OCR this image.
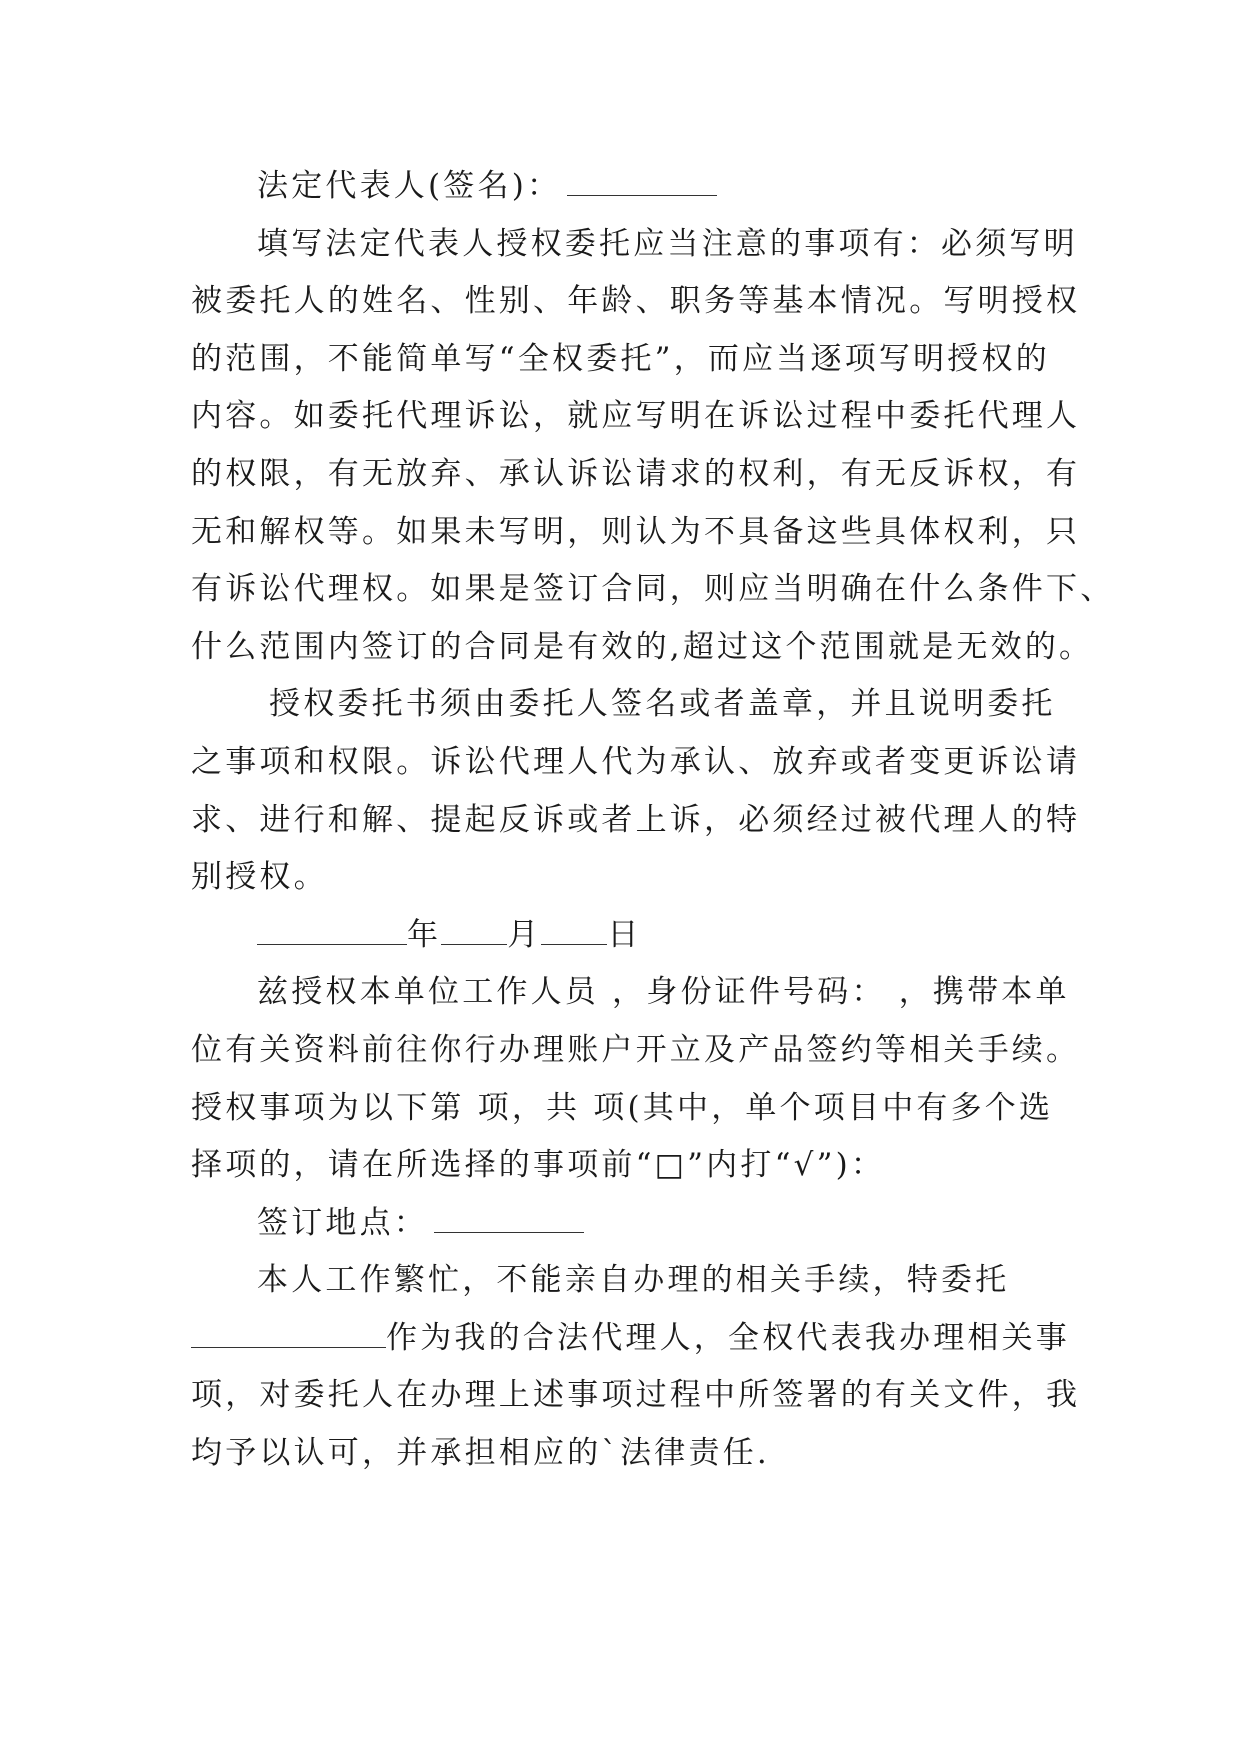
法定代表人(签名)：

填写法定代表人授权委托应当注意的事项有：必须写明
被委托人的姓名、性别、年龄、职务等基本情况。写明授权
的范围，不能简单写“全权委托”，而应当逐项写明授权的
内容。如委托代理诉讼，就应写明在诉讼过程中委托代理人
的权限，有无放弃、承认诉讼请求的权利，有无反诉权，有
无和解权等。如果未写明，则认为不具备这些具体权利，只
有诉讼代理权。如果是签订合同，则应当明确在什么条件下、
什么范围内签订的合同是有效的,超过这个范围就是无效的。

授权委托书须由委托人签名或者盖章，并且说明委托
之事项和权限。诉讼代理人代为承认、放弃或者变更诉讼请
求、进行和解、提起反诉或者上诉，必须经过被代理人的特
别授权。

年 月 日

兹授权本单位工作人员 ，身份证件号码： ，携带本单
位有关资料前往你行办理账户开立及产品签约等相关手续。
授权事项为以下第 项，共 项(其中，单个项目中有多个选
择项的，请在所选择的事项前“□”内打“√”)：

签订地点：

本人工作繁忙，不能亲自办理的相关手续，特委托
作为我的合法代理人，全权代表我办理相关事
项，对委托人在办理上述事项过程中所签署的有关文件，我
均予以认可，并承担相应的`法律责任.
